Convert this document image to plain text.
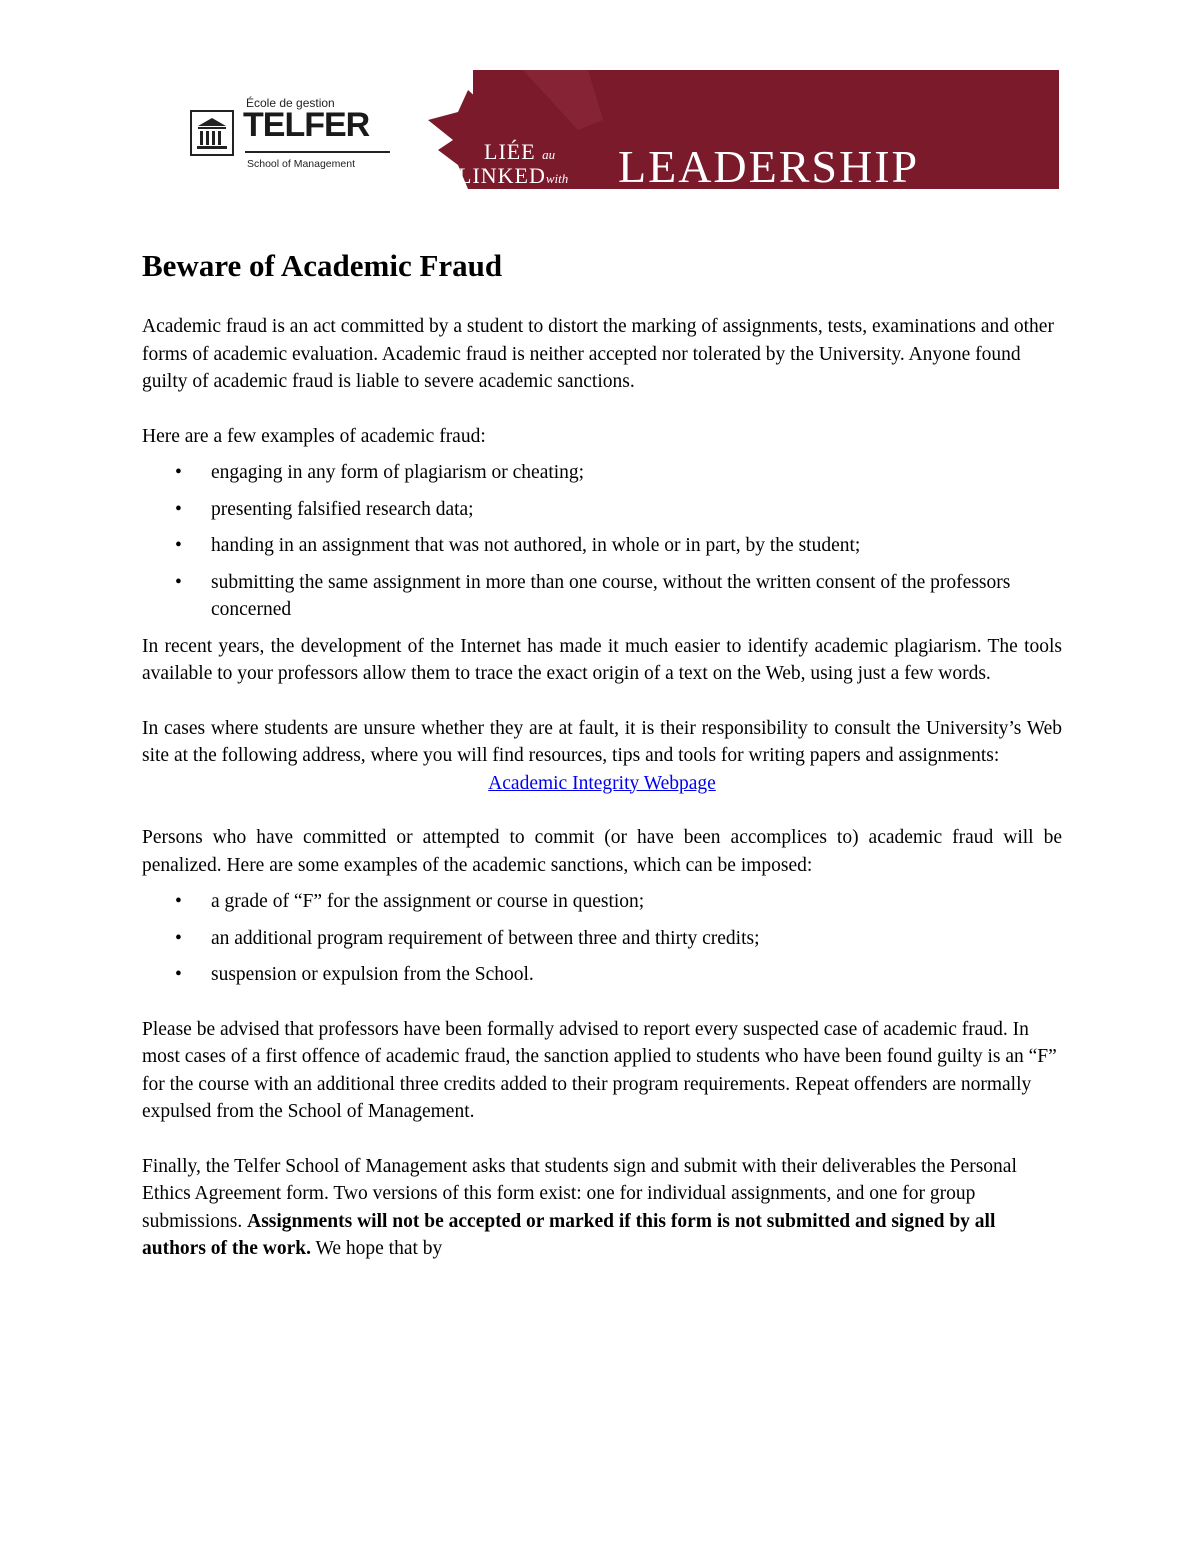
École de gestion
TELFER
School of Management	LIÉE au
LINKEDwith LEADERSHIP
Beware of Academic Fraud

Academic fraud is an act committed by a student to distort the marking of assignments, tests, examinations and other forms of academic evaluation. Academic fraud is neither accepted nor tolerated by the University. Anyone found guilty of academic fraud is liable to severe academic sanctions.

Here are a few examples of academic fraud:

• engaging in any form of plagiarism or cheating;
• presenting falsified research data;
• handing in an assignment that was not authored, in whole or in part, by the student;
• submitting the same assignment in more than one course, without the written consent of the professors concerned

In recent years, the development of the Internet has made it much easier to identify academic plagiarism. The tools available to your professors allow them to trace the exact origin of a text on the Web, using just a few words.

In cases where students are unsure whether they are at fault, it is their responsibility to consult the University’s Web site at the following address, where you will find resources, tips and tools for writing papers and assignments:

Academic Integrity Webpage

Persons who have committed or attempted to commit (or have been accomplices to) academic fraud will be penalized. Here are some examples of the academic sanctions, which can be imposed:

• a grade of “F” for the assignment or course in question;
• an additional program requirement of between three and thirty credits;
• suspension or expulsion from the School.

Please be advised that professors have been formally advised to report every suspected case of academic fraud. In most cases of a first offence of academic fraud, the sanction applied to students who have been found guilty is an “F” for the course with an additional three credits added to their program requirements. Repeat offenders are normally expulsed from the School of Management.

Finally, the Telfer School of Management asks that students sign and submit with their deliverables the Personal Ethics Agreement form. Two versions of this form exist: one for individual assignments, and one for group submissions. Assignments will not be accepted or marked if this form is not submitted and signed by all authors of the work. We hope that by
